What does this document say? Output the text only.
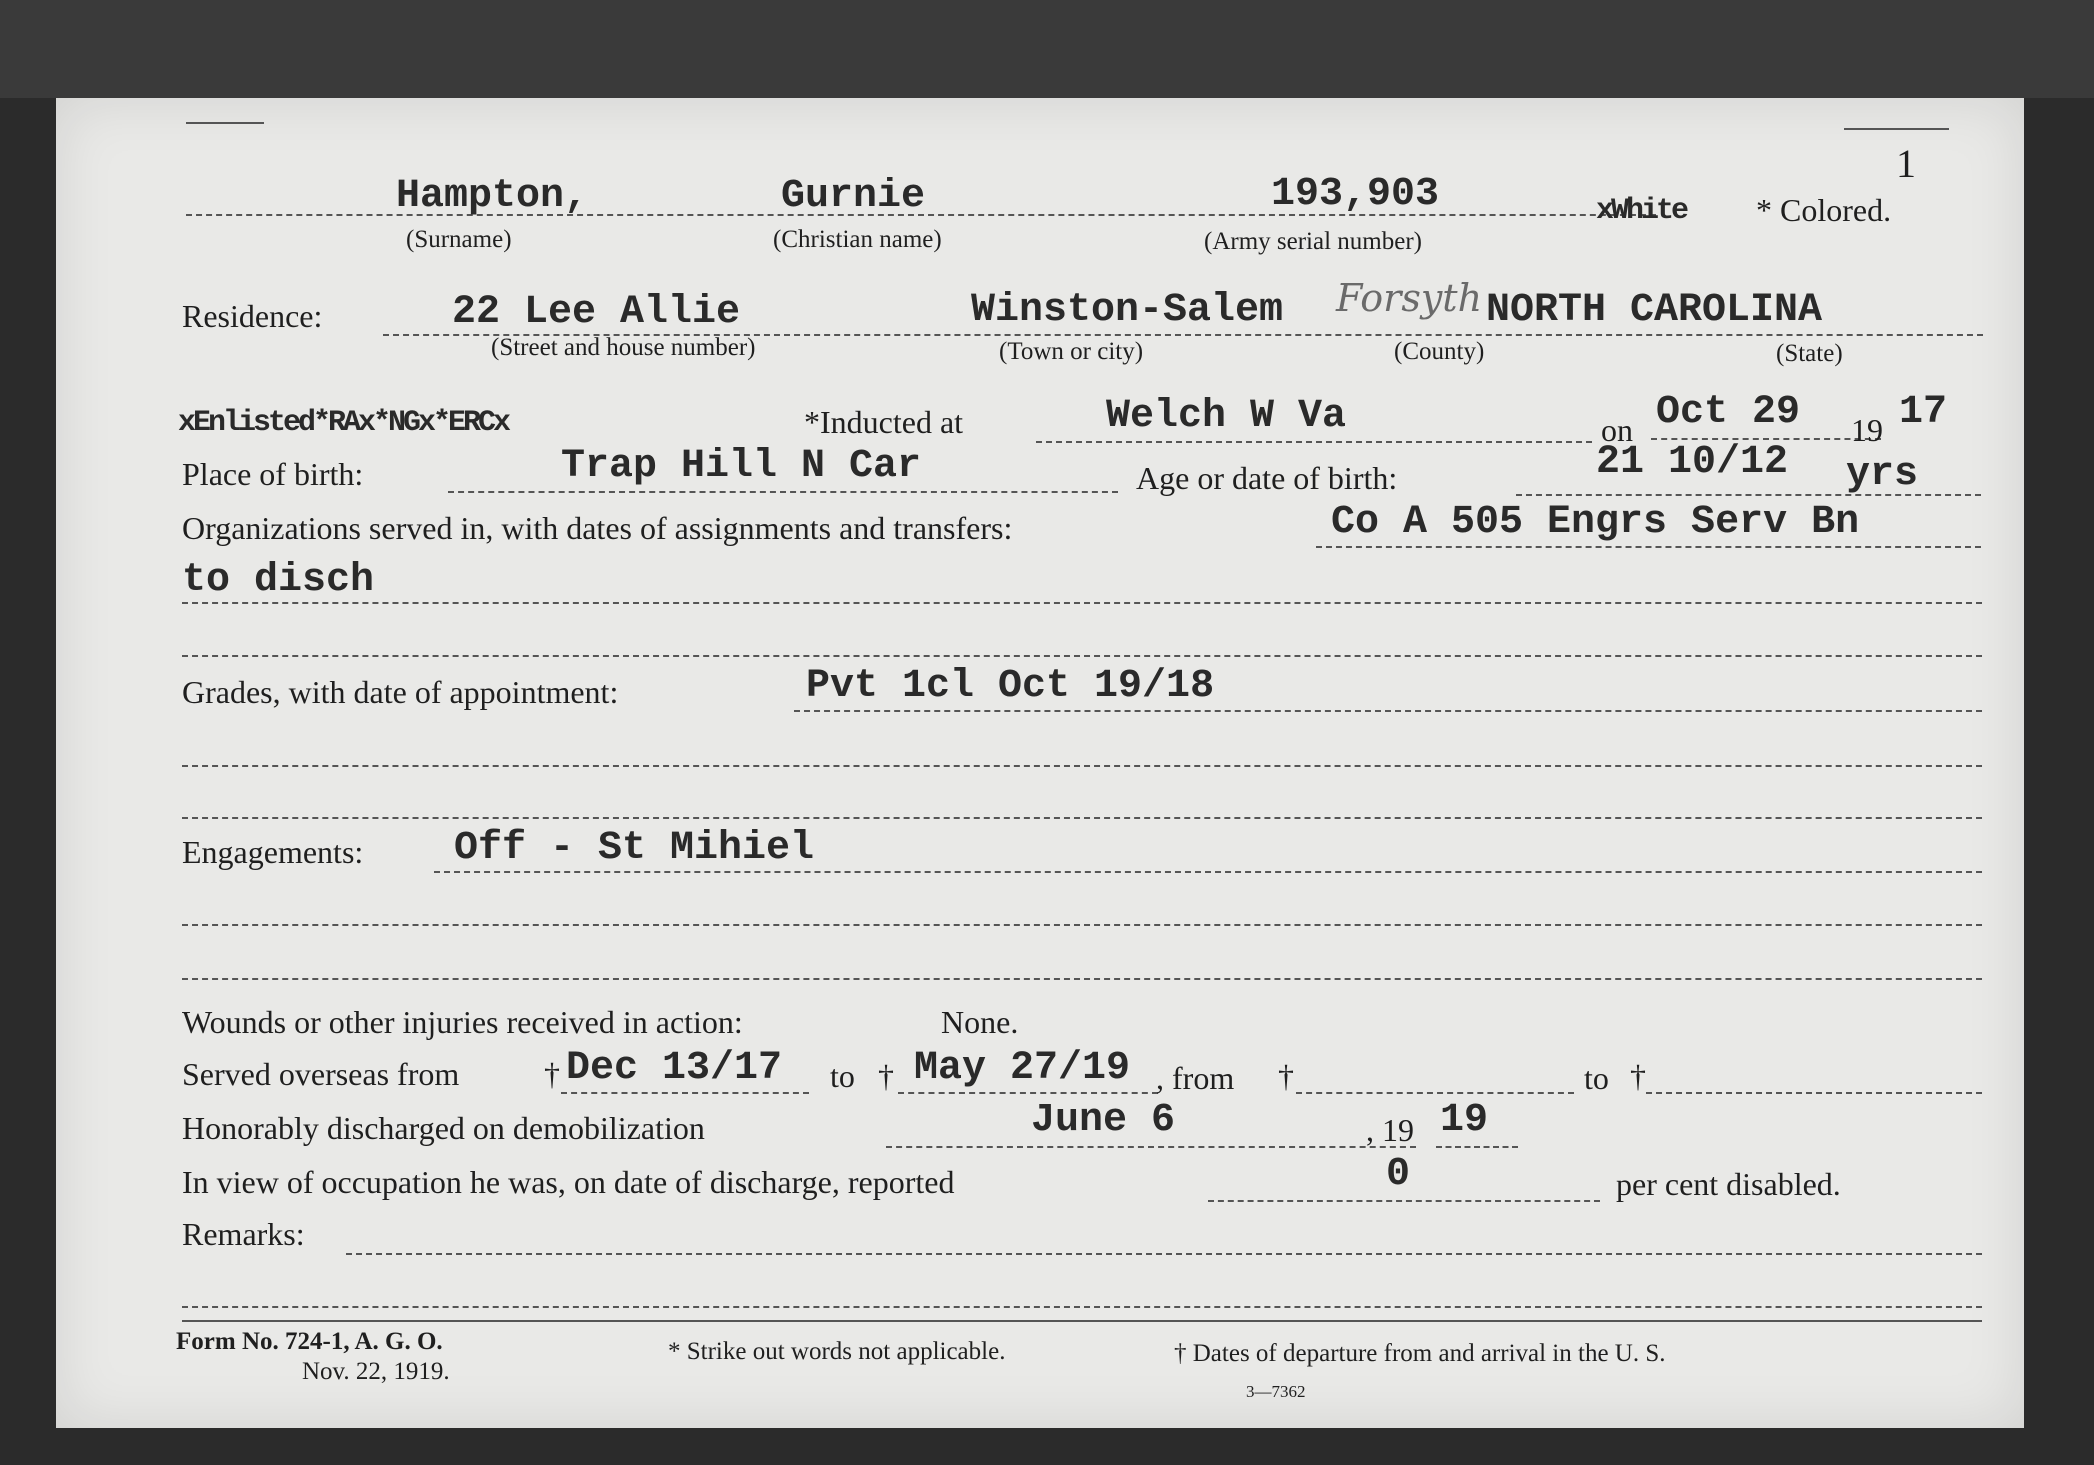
1
Hampton,	Gurnie	193,903	xWhite * Colored.
(Surname)	(Christian name)	(Army serial number)
Residence:	22 Lee Allie	Winston-Salem Forsyth NORTH CAROLINA
(Street and house number)	(Town or city)	(County)	(State)
xEnlisted*RAx*NGx*ERCx	*Inducted at	Welch W Va	on Oct 29 19 17
Place of birth:	Trap Hill N Car	Age or date of birth:	21 10/12 yrs
Organizations served in, with dates of assignments and transfers:	Co A 505 Engrs Serv Bn
to disch
Grades, with date of appointment:	Pvt 1cl Oct 19/18
Engagements: Off - St Mihiel
Wounds or other injuries received in action:	None.
Served overseas from	† Dec 13/17 to † May 27/19 , from †	to †
Honorably discharged on demobilization	June 6	, 19 19
In view of occupation he was, on date of discharge, reported	0	per cent disabled.
Remarks:
Form No. 724-1, A. G. O.
Nov. 22, 1919.
* Strike out words not applicable.	† Dates of departure from and arrival in the U. S.
3—7362
